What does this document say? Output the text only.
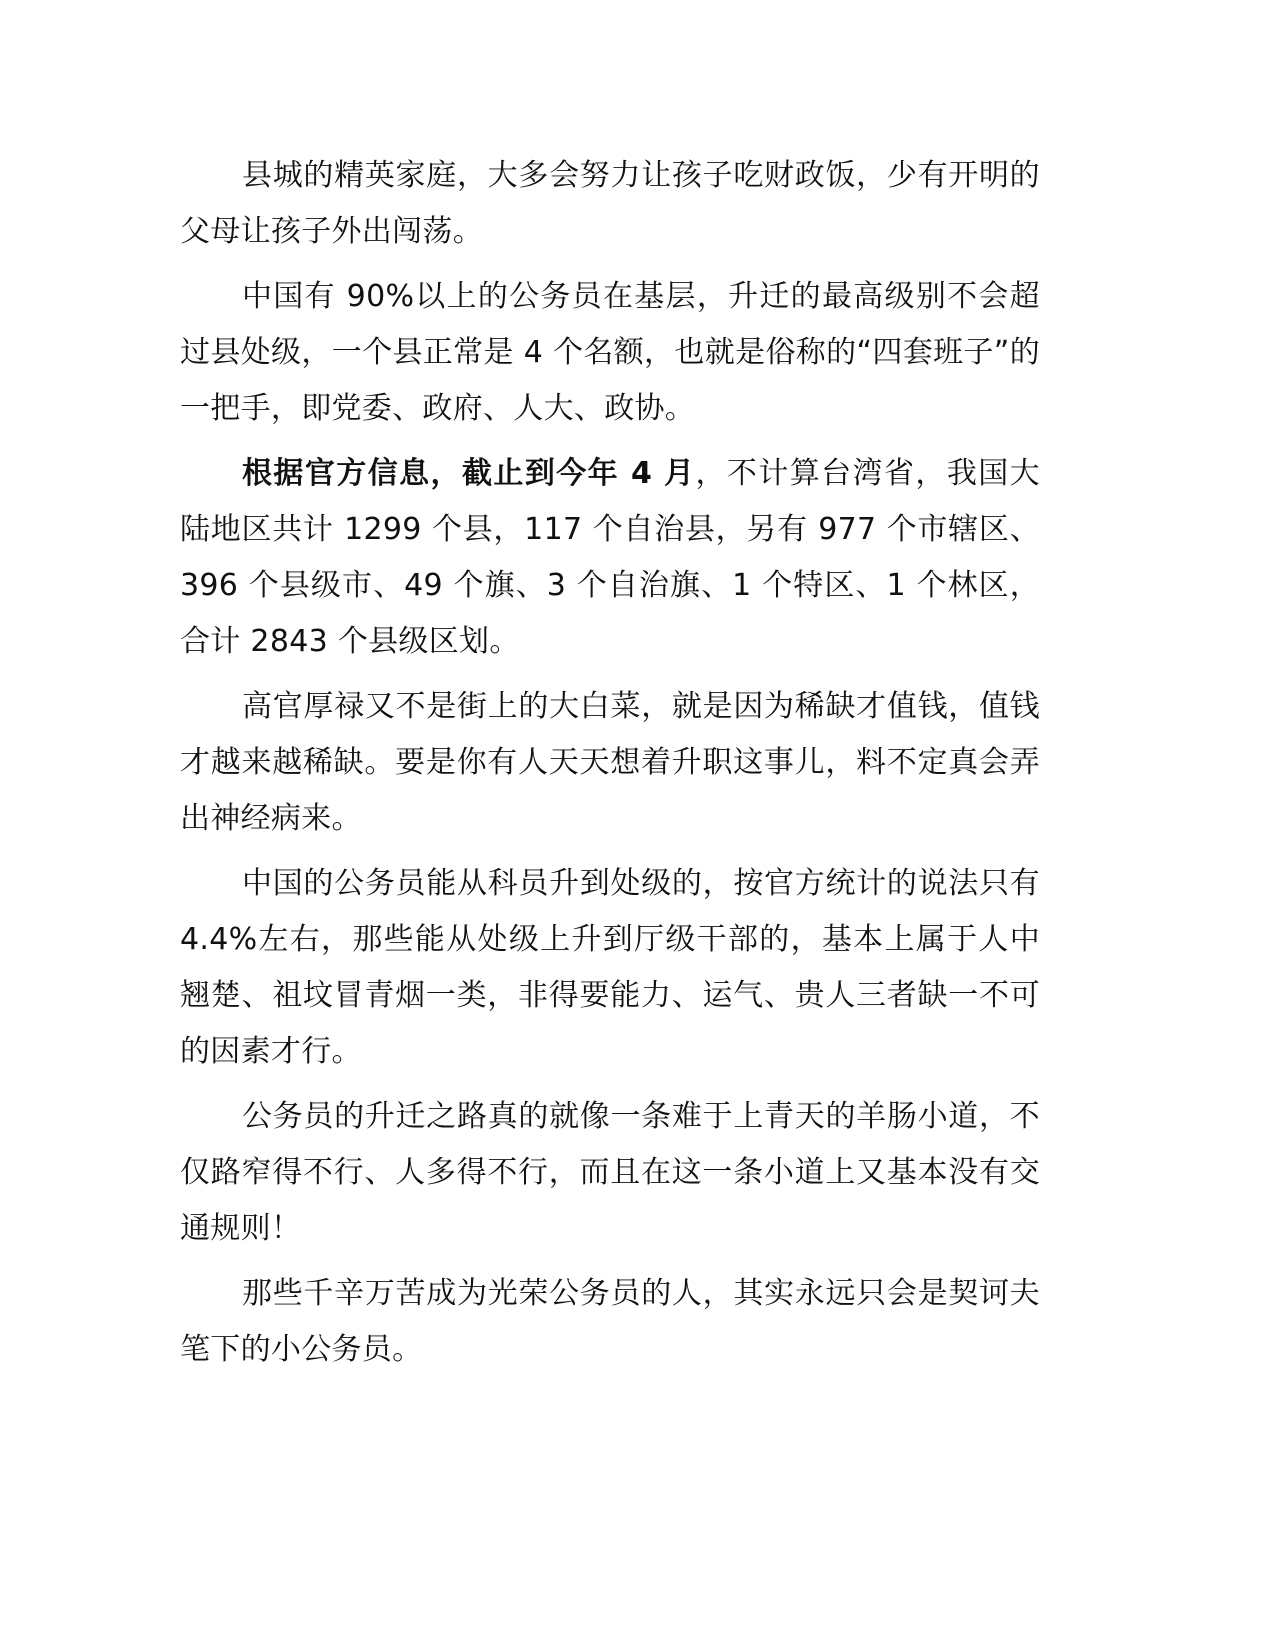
县城的精英家庭，大多会努力让孩子吃财政饭，少有开明的父母让孩子外出闯荡。

中国有 90%以上的公务员在基层，升迁的最高级别不会超过县处级，一个县正常是 4 个名额，也就是俗称的“四套班子”的一把手，即党委、政府、人大、政协。

根据官方信息，截止到今年 4 月，不计算台湾省，我国大陆地区共计 1299 个县，117 个自治县，另有 977 个市辖区、396 个县级市、49 个旗、3 个自治旗、1 个特区、1 个林区，合计 2843 个县级区划。

高官厚禄又不是街上的大白菜，就是因为稀缺才值钱，值钱才越来越稀缺。要是你有人天天想着升职这事儿，料不定真会弄出神经病来。

中国的公务员能从科员升到处级的，按官方统计的说法只有 4.4%左右，那些能从处级上升到厅级干部的，基本上属于人中翘楚、祖坟冒青烟一类，非得要能力、运气、贵人三者缺一不可的因素才行。

公务员的升迁之路真的就像一条难于上青天的羊肠小道，不仅路窄得不行、人多得不行，而且在这一条小道上又基本没有交通规则！

那些千辛万苦成为光荣公务员的人，其实永远只会是契诃夫笔下的小公务员。
